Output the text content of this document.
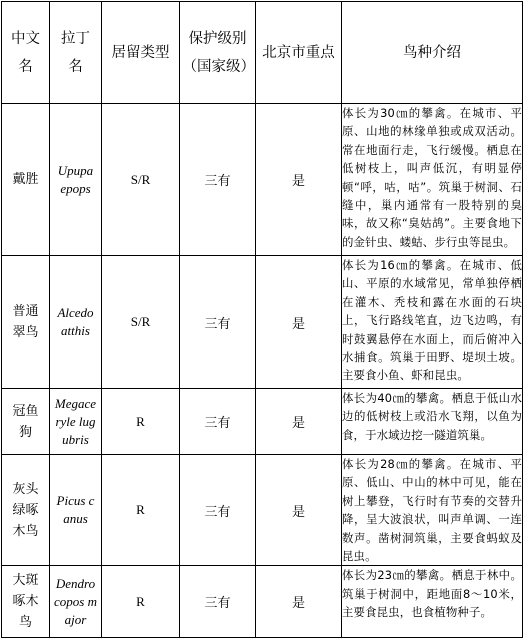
中文名	拉丁名	居留类型	保护级别（国家级）	北京市重点	鸟种介绍
戴胜	Upupa epops	S/R	三有	是	体长为30㎝的攀禽。在城市、平原、山地的林缘单独或成双活动。常在地面行走，飞行缓慢。栖息在低树枝上，叫声低沉，有明显停顿“呼，咕，咕”。筑巢于树洞、石缝中，巢内通常有一股特别的臭味，故又称“臭姑鸪”。主要食地下的金针虫、蝼蛄、步行虫等昆虫。
普通翠鸟	Alcedo atthis	S/R	三有	是	体长为16㎝的攀禽。在城市、低山、平原的水域常见，常单独停栖在灌木、秃枝和露在水面的石块上，飞行路线笔直，边飞边鸣，有时鼓翼悬停在水面上，而后俯冲入水捕食。筑巢于田野、堤坝土坡。主要食小鱼、虾和昆虫。
冠鱼狗	Megaceryle lugubris	R	三有	是	体长为40㎝的攀禽。栖息于低山水边的低树枝上或沿水飞翔，以鱼为食，于水域边挖一隧道筑巢。
灰头绿啄木鸟	Picus canus	R	三有	是	体长为28㎝的攀禽。在城市、平原、低山、中山的林中可见，能在树上攀登，飞行时有节奏的交替升降，呈大波浪状，叫声单调、一连数声。凿树洞筑巢，主要食蚂蚁及昆虫。
大斑啄木鸟	Dendrocopos major	R	三有	是	体长为23㎝的攀禽。栖息于林中。筑巢于树洞中，距地面8～10米，主要食昆虫，也食植物种子。
